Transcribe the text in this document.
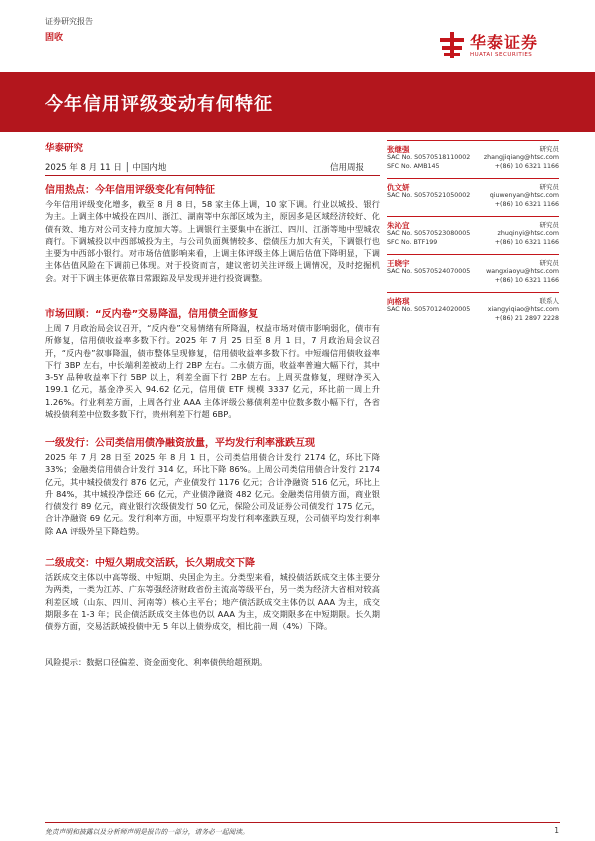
证券研究报告
固收	华泰证券
HUATAI SECURITIES
今年信用评级变动有何特征
华泰研究
2025 年 8 月 11 日 │ 中国内地	信用周报
信用热点：今年信用评级变化有何特征
今年信用评级变化增多，截至 8 月 8 日，58 家主体上调，10 家下调。行业以城投、银行为主。上调主体中城投在四川、浙江、湖南等中东部区域为主，原因多是区域经济较好、化债有效、地方对公司支持力度加大等。上调银行主要集中在浙江、四川、江浙等地中型城农商行。下调城投以中西部城投为主，与公司负面舆情较多、偿债压力加大有关，下调银行也主要为中西部小银行。对市场估值影响来看，上调主体评级主体上调后估值下降明显，下调主体估值风险在下调前已体现。对于投资而言，建议密切关注评级上调情况，及时挖掘机会。对于下调主体更依靠日常跟踪及早发现并进行投资调整。
市场回顾：“反内卷”交易降温，信用债全面修复
上周 7 月政治局会议召开，“反内卷”交易情绪有所降温，权益市场对债市影响弱化，债市有所修复，信用债收益率多数下行。2025 年 7 月 25 日至 8 月 1 日，7 月政治局会议召开，“反内卷”叙事降温，债市整体呈现修复，信用债收益率多数下行。中短端信用债收益率下行 3BP 左右，中长端利差被动上行 2BP 左右。二永债方面，收益率普遍大幅下行，其中 3-5Y 品种收益率下行 5BP 以上，利差全面下行 2BP 左右。上周买盘修复，理财净买入 199.1 亿元，基金净买入 94.62 亿元，信用债 ETF 规模 3337 亿元，环比前一周上升 1.26%。行业利差方面，上周各行业 AAA 主体评级公募债利差中位数多数小幅下行，各省城投债利差中位数多数下行，贵州利差下行超 6BP。
一级发行：公司类信用债净融资放量，平均发行利率涨跌互现
2025 年 7 月 28 日至 2025 年 8 月 1 日，公司类信用债合计发行 2174 亿，环比下降 33%；金融类信用债合计发行 314 亿，环比下降 86%。上周公司类信用债合计发行 2174 亿元，其中城投债发行 876 亿元，产业债发行 1176 亿元；合计净融资 516 亿元，环比上升 84%，其中城投净偿还 66 亿元，产业债净融资 482 亿元。金融类信用债方面，商业银行债发行 89 亿元，商业银行次级债发行 50 亿元，保险公司及证券公司债发行 175 亿元，合计净融资 69 亿元。发行利率方面，中短票平均发行利率涨跌互现，公司债平均发行利率除 AA 评级外呈下降趋势。
二级成交：中短久期成交活跃，长久期成交下降
活跃成交主体以中高等级、中短期、央国企为主。分类型来看，城投债活跃成交主体主要分为两类，一类为江苏、广东等强经济财政省份主流高等级平台，另一类为经济大省相对较高利差区域（山东、四川、河南等）核心主平台；地产债活跃成交主体仍以 AAA 为主，成交期限多在 1-3 年；民企债活跃成交主体也仍以 AAA 为主，成交期限多在中短期限。长久期债券方面，交易活跃城投债中无 5 年以上债券成交，相比前一周（4%）下降。
风险提示：数据口径偏差、资金面变化、利率债供给超预期。
张继强	研究员
SAC No. S0570518110002 zhangjiqiang@htsc.com
SFC No. AMB145	+(86) 10 6321 1166
仇文妍	研究员
SAC No. S0570521050002	qiuwenyan@htsc.com
+(86) 10 6321 1166
朱沁宜	研究员
SAC No. S0570523080005	zhuqinyi@htsc.com
SFC No. BTF199	+(86) 10 6321 1166
王晓宇	研究员
SAC No. S0570524070005	wangxiaoyu@htsc.com
+(86) 10 6321 1166
向格琪	联系人
SAC No. S0570124020005	xiangyiqiao@htsc.com
+(86) 21 2897 2228
免责声明和披露以及分析师声明是报告的一部分，请务必一起阅读。	1
